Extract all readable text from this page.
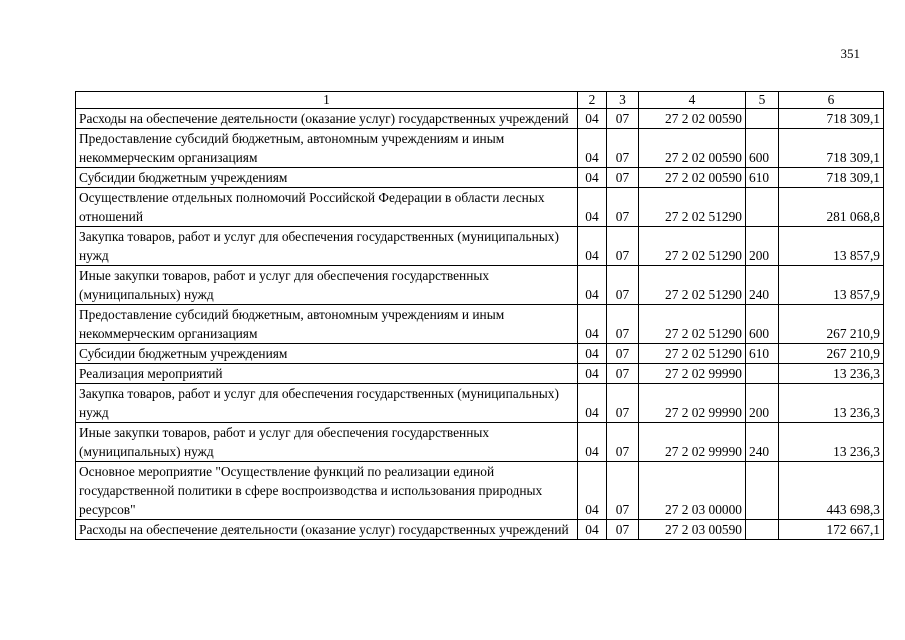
351
1	2	3	4	5	6
Расходы на обеспечение деятельности (оказание услуг) государственных учреждений	04	07	27 2 02 00590		718 309,1
Предоставление субсидий бюджетным, автономным учреждениям и иным некоммерческим организациям	04	07	27 2 02 00590	600	718 309,1
Субсидии бюджетным учреждениям	04	07	27 2 02 00590	610	718 309,1
Осуществление отдельных полномочий Российской Федерации в области лесных отношений	04	07	27 2 02 51290		281 068,8
Закупка товаров, работ и услуг для обеспечения государственных (муниципальных) нужд	04	07	27 2 02 51290	200	13 857,9
Иные закупки товаров, работ и услуг для обеспечения государственных (муниципальных) нужд	04	07	27 2 02 51290	240	13 857,9
Предоставление субсидий бюджетным, автономным учреждениям и иным некоммерческим организациям	04	07	27 2 02 51290	600	267 210,9
Субсидии бюджетным учреждениям	04	07	27 2 02 51290	610	267 210,9
Реализация мероприятий	04	07	27 2 02 99990		13 236,3
Закупка товаров, работ и услуг для обеспечения государственных (муниципальных) нужд	04	07	27 2 02 99990	200	13 236,3
Иные закупки товаров, работ и услуг для обеспечения государственных (муниципальных) нужд	04	07	27 2 02 99990	240	13 236,3
Основное мероприятие "Осуществление функций по реализации единой государственной политики в сфере воспроизводства и использования природных ресурсов"	04	07	27 2 03 00000		443 698,3
Расходы на обеспечение деятельности (оказание услуг) государственных учреждений	04	07	27 2 03 00590		172 667,1
